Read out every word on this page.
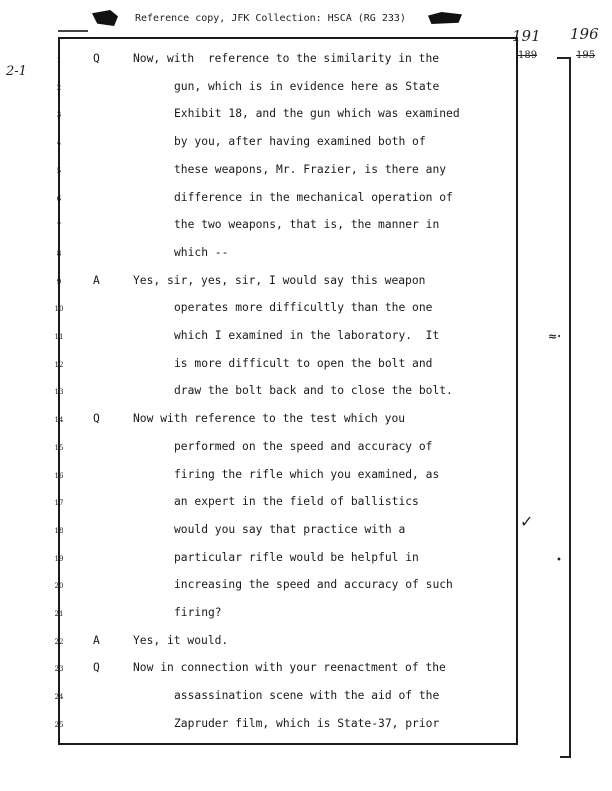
Reference copy, JFK Collection: HSCA (RG 233)
191
189
196
195
2-1
✓
≈·
•
1	Q	Now, with  reference to the similarity in the
2	gun, which is in evidence here as State
3	Exhibit 18, and the gun which was examined
4	by you, after having examined both of
5	these weapons, Mr. Frazier, is there any
6	difference in the mechanical operation of
7	the two weapons, that is, the manner in
8	which --
9	A	Yes, sir, yes, sir, I would say this weapon
10	operates more difficultly than the one
11	which I examined in the laboratory.  It
12	is more difficult to open the bolt and
13	draw the bolt back and to close the bolt.
14	Q	Now with reference to the test which you
15	performed on the speed and accuracy of
16	firing the rifle which you examined, as
17	an expert in the field of ballistics
18	would you say that practice with a
19	particular rifle would be helpful in
20	increasing the speed and accuracy of such
21	firing?
22	A	Yes, it would.
23	Q	Now in connection with your reenactment of the
24	assassination scene with the aid of the
25	Zapruder film, which is State-37, prior
